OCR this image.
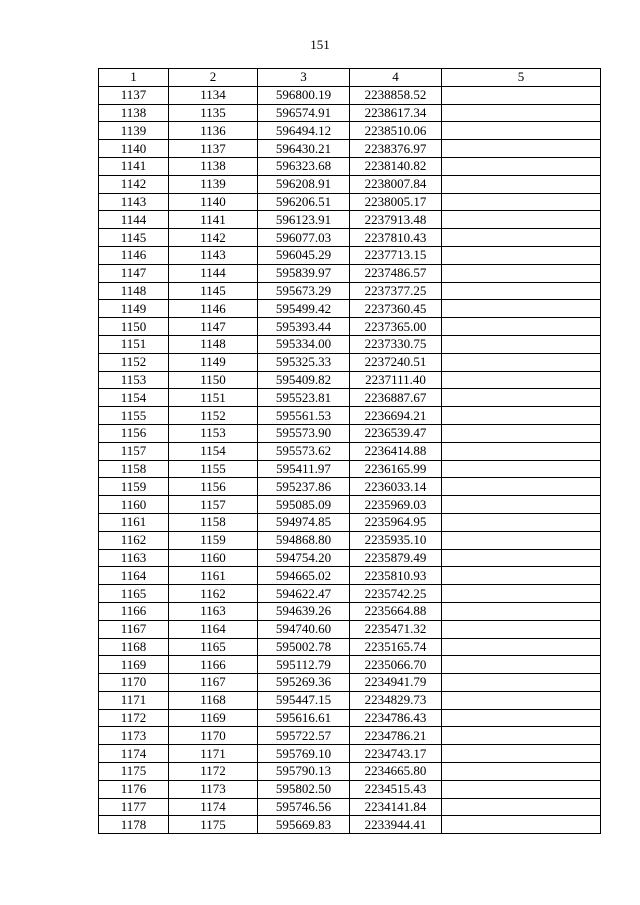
151
1	2	3	4	5
1137	1134	596800.19	2238858.52	
1138	1135	596574.91	2238617.34	
1139	1136	596494.12	2238510.06	
1140	1137	596430.21	2238376.97	
1141	1138	596323.68	2238140.82	
1142	1139	596208.91	2238007.84	
1143	1140	596206.51	2238005.17	
1144	1141	596123.91	2237913.48	
1145	1142	596077.03	2237810.43	
1146	1143	596045.29	2237713.15	
1147	1144	595839.97	2237486.57	
1148	1145	595673.29	2237377.25	
1149	1146	595499.42	2237360.45	
1150	1147	595393.44	2237365.00	
1151	1148	595334.00	2237330.75	
1152	1149	595325.33	2237240.51	
1153	1150	595409.82	2237111.40	
1154	1151	595523.81	2236887.67	
1155	1152	595561.53	2236694.21	
1156	1153	595573.90	2236539.47	
1157	1154	595573.62	2236414.88	
1158	1155	595411.97	2236165.99	
1159	1156	595237.86	2236033.14	
1160	1157	595085.09	2235969.03	
1161	1158	594974.85	2235964.95	
1162	1159	594868.80	2235935.10	
1163	1160	594754.20	2235879.49	
1164	1161	594665.02	2235810.93	
1165	1162	594622.47	2235742.25	
1166	1163	594639.26	2235664.88	
1167	1164	594740.60	2235471.32	
1168	1165	595002.78	2235165.74	
1169	1166	595112.79	2235066.70	
1170	1167	595269.36	2234941.79	
1171	1168	595447.15	2234829.73	
1172	1169	595616.61	2234786.43	
1173	1170	595722.57	2234786.21	
1174	1171	595769.10	2234743.17	
1175	1172	595790.13	2234665.80	
1176	1173	595802.50	2234515.43	
1177	1174	595746.56	2234141.84	
1178	1175	595669.83	2233944.41	
